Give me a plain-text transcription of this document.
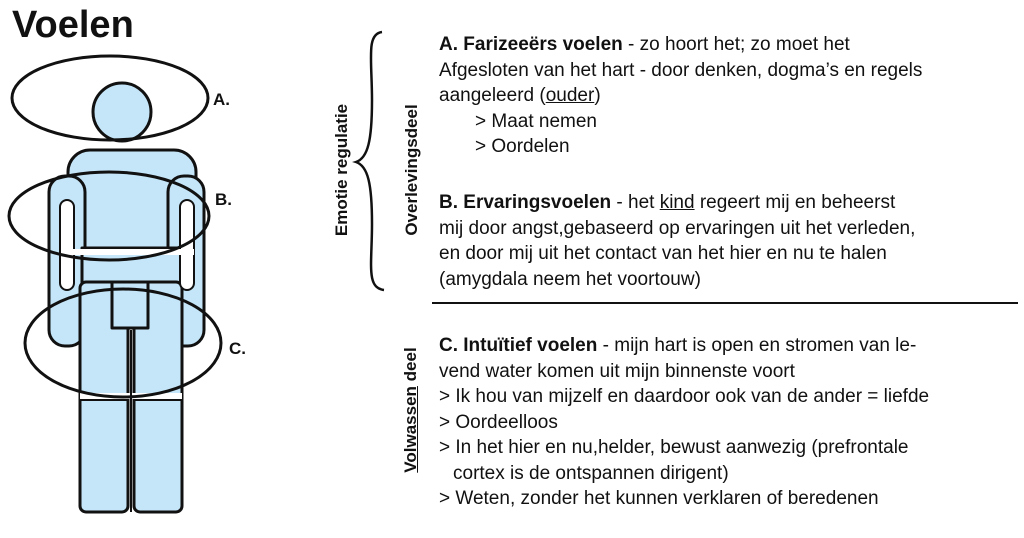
Voelen
A.
B.
C.
Emotie regulatie	Overlevingsdeel
Volwassen deel

A. Farizeeërs voelen - zo hoort het; zo moet het

Afgesloten van het hart - door denken, dogma’s en regels

aangeleerd (ouder)

> Maat nemen

> Oordelen

B. Ervaringsvoelen - het kind regeert mij en beheerst

mij door angst,gebaseerd op ervaringen uit het verleden,

en door mij uit het contact van het hier en nu te halen

(amygdala neem het voortouw)

C. Intuïtief voelen - mijn hart is open en stromen van le-

vend water komen uit mijn binnenste voort

> Ik hou van mijzelf en daardoor ook van de ander = liefde

> Oordeelloos

> In het hier en nu,helder, bewust aanwezig (prefrontale

cortex is de ontspannen dirigent)

> Weten, zonder het kunnen verklaren of beredenen
